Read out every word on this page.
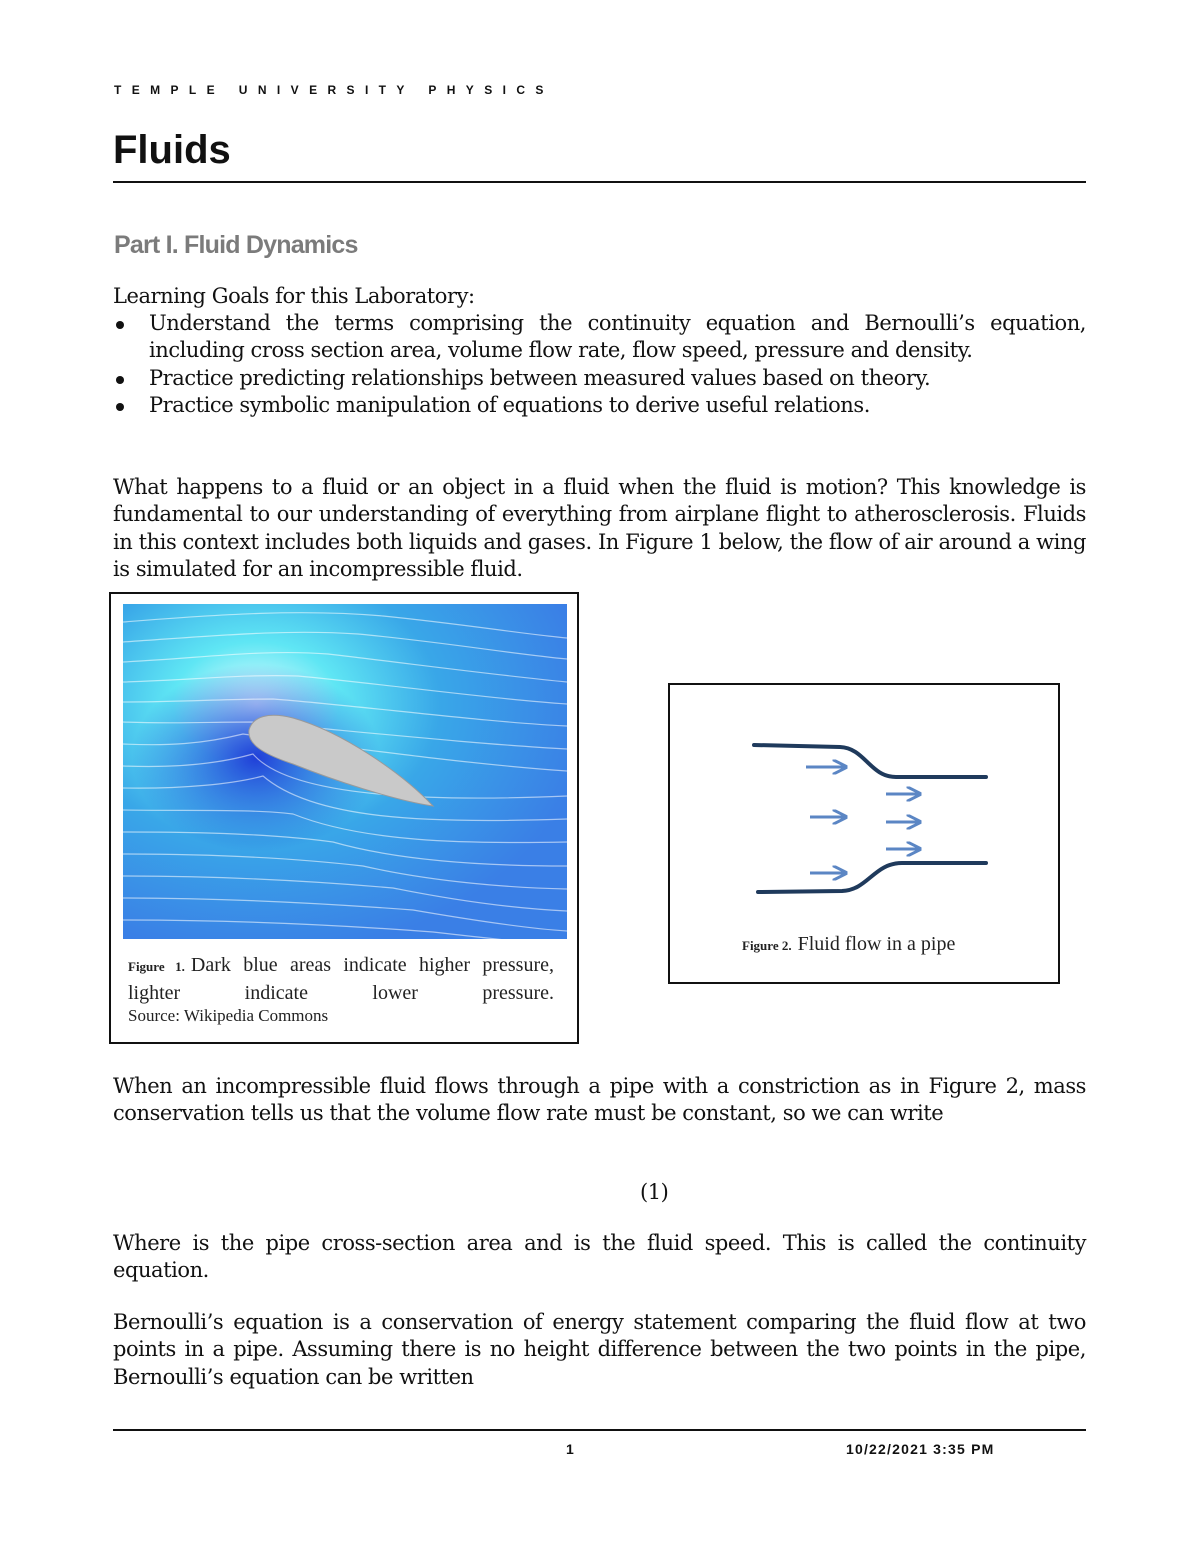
TEMPLE UNIVERSITY PHYSICS
Fluids
Part I. Fluid Dynamics
Learning Goals for this Laboratory:
Understand the terms comprising the continuity equation and Bernoulli’s equation, including cross section area, volume flow rate, flow speed, pressure and density.
Practice predicting relationships between measured values based on theory.
Practice symbolic manipulation of equations to derive useful relations.
What happens to a fluid or an object in a fluid when the fluid is motion? This knowledge is fundamental to our understanding of everything from airplane flight to atherosclerosis. Fluids in this context includes both liquids and gases. In Figure 1 below, the flow of air around a wing is simulated for an incompressible fluid.
Figure 1. Dark blue areas indicate higher pressure, lighter indicate lower pressure.
Source: Wikipedia Commons
Figure 2. Fluid flow in a pipe
When an incompressible fluid flows through a pipe with a constriction as in Figure 2, mass conservation tells us that the volume flow rate must be constant, so we can write
(1)
Where is the pipe cross-section area and is the fluid speed. This is called the continuity equation.
Bernoulli’s equation is a conservation of energy statement comparing the fluid flow at two points in a pipe. Assuming there is no height difference between the two points in the pipe, Bernoulli’s equation can be written
1	10/22/2021 3:35 PM
